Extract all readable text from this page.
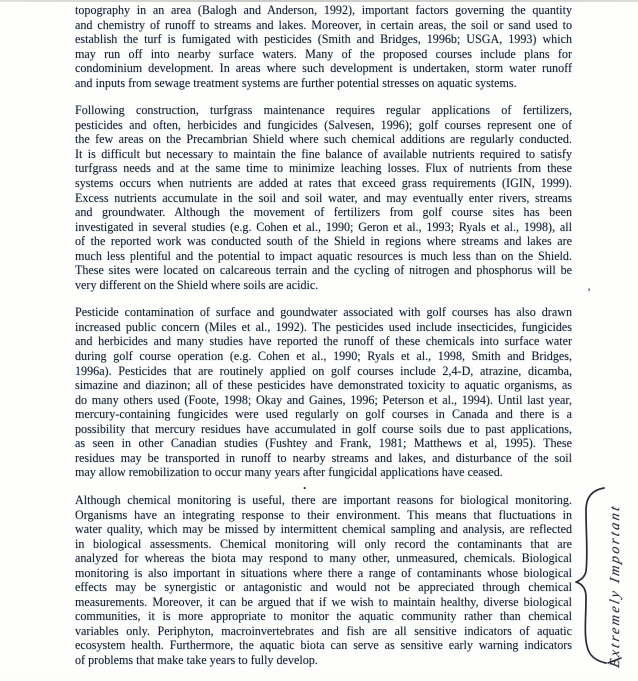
topography in an area (Balogh and Anderson, 1992), important factors governing the quantity
and chemistry of runoff to streams and lakes. Moreover, in certain areas, the soil or sand used to
establish the turf is fumigated with pesticides (Smith and Bridges, 1996b; USGA, 1993) which
may run off into nearby surface waters. Many of the proposed courses include plans for
condominium development. In areas where such development is undertaken, storm water runoff
and inputs from sewage treatment systems are further potential stresses on aquatic systems.
Following construction, turfgrass maintenance requires regular applications of fertilizers,
pesticides and often, herbicides and fungicides (Salvesen, 1996); golf courses represent one of
the few areas on the Precambrian Shield where such chemical additions are regularly conducted.
It is difficult but necessary to maintain the fine balance of available nutrients required to satisfy
turfgrass needs and at the same time to minimize leaching losses. Flux of nutrients from these
systems occurs when nutrients are added at rates that exceed grass requirements (IGIN, 1999).
Excess nutrients accumulate in the soil and soil water, and may eventually enter rivers, streams
and groundwater. Although the movement of fertilizers from golf course sites has been
investigated in several studies (e.g. Cohen et al., 1990; Geron et al., 1993; Ryals et al., 1998), all
of the reported work was conducted south of the Shield in regions where streams and lakes are
much less plentiful and the potential to impact aquatic resources is much less than on the Shield.
These sites were located on calcareous terrain and the cycling of nitrogen and phosphorus will be
very different on the Shield where soils are acidic.
Pesticide contamination of surface and goundwater associated with golf courses has also drawn
increased public concern (Miles et al., 1992). The pesticides used include insecticides, fungicides
and herbicides and many studies have reported the runoff of these chemicals into surface water
during golf course operation (e.g. Cohen et al., 1990; Ryals et al., 1998, Smith and Bridges,
1996a). Pesticides that are routinely applied on golf courses include 2,4-D, atrazine, dicamba,
simazine and diazinon; all of these pesticides have demonstrated toxicity to aquatic organisms, as
do many others used (Foote, 1998; Okay and Gaines, 1996; Peterson et al., 1994). Until last year,
mercury-containing fungicides were used regularly on golf courses in Canada and there is a
possibility that mercury residues have accumulated in golf course soils due to past applications,
as seen in other Canadian studies (Fushtey and Frank, 1981; Matthews et al, 1995). These
residues may be transported in runoff to nearby streams and lakes, and disturbance of the soil
may allow remobilization to occur many years after fungicidal applications have ceased.
Although chemical monitoring is useful, there are important reasons for biological monitoring.
Organisms have an integrating response to their environment. This means that fluctuations in
water quality, which may be missed by intermittent chemical sampling and analysis, are reflected
in biological assessments. Chemical monitoring will only record the contaminants that are
analyzed for whereas the biota may respond to many other, unmeasured, chemicals. Biological
monitoring is also important in situations where there a range of contaminants whose biological
effects may be synergistic or antagonistic and would not be appreciated through chemical
measurements. Moreover, it can be argued that if we wish to maintain healthy, diverse biological
communities, it is more appropriate to monitor the aquatic community rather than chemical
variables only. Periphyton, macroinvertebrates and fish are all sensitive indicators of aquatic
ecosystem health. Furthermore, the aquatic biota can serve as sensitive early warning indicators
of problems that make take years to fully develop.	Extremely Important
’
.
